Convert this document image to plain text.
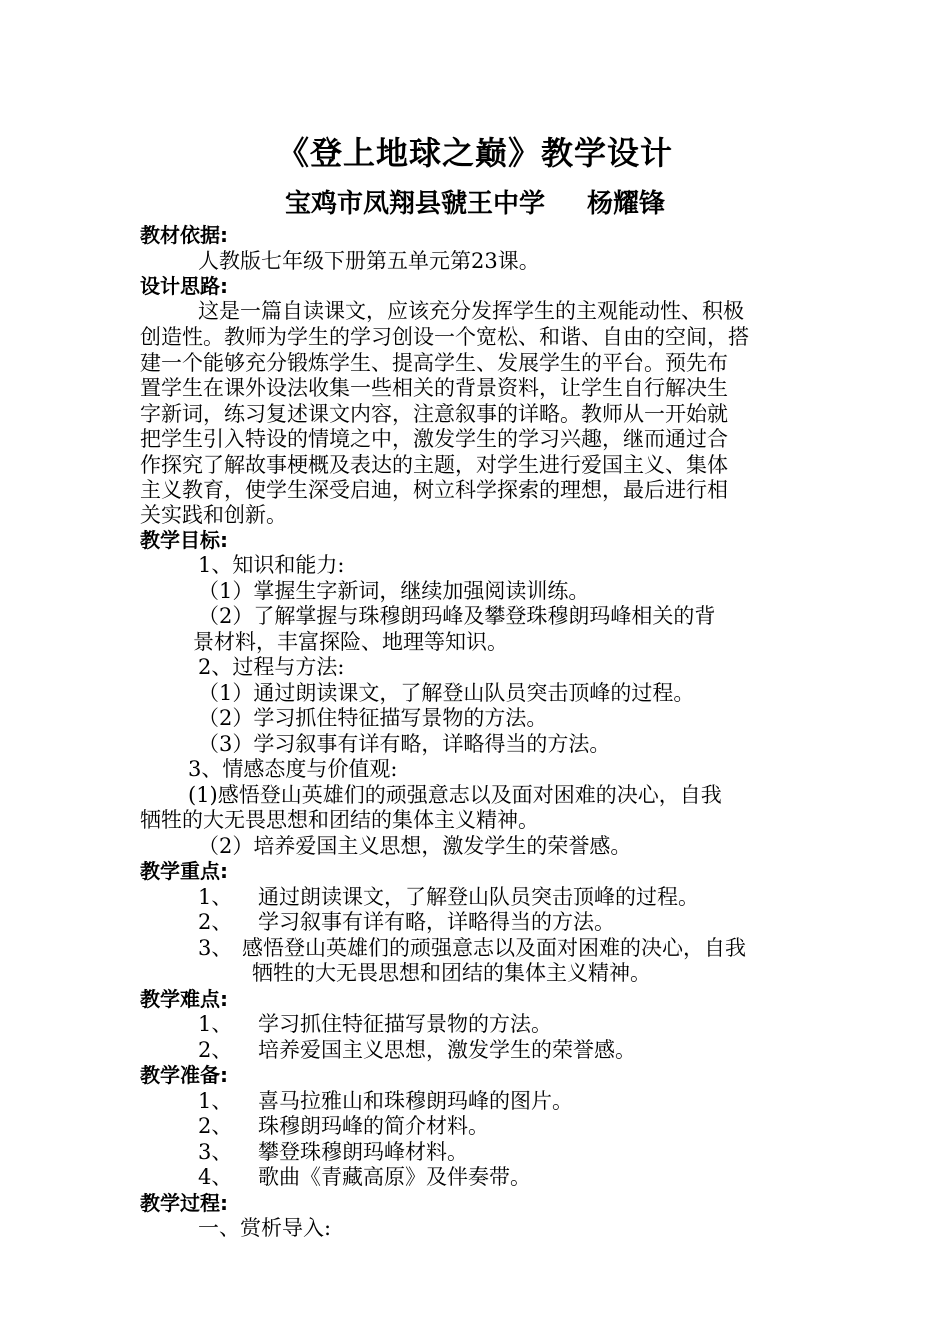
《登上地球之巅》教学设计
宝鸡市凤翔县虢王中学 杨耀锋
教材依据:
人教版七年级下册第五单元第23课。
设计思路:
这是一篇自读课文，应该充分发挥学生的主观能动性、积极
创造性。教师为学生的学习创设一个宽松、和谐、自由的空间，搭
建一个能够充分锻炼学生、提高学生、发展学生的平台。预先布
置学生在课外设法收集一些相关的背景资料，让学生自行解决生
字新词，练习复述课文内容，注意叙事的详略。教师从一开始就
把学生引入特设的情境之中，激发学生的学习兴趣，继而通过合
作探究了解故事梗概及表达的主题，对学生进行爱国主义、集体
主义教育，使学生深受启迪，树立科学探索的理想，最后进行相
关实践和创新。
教学目标:
1、知识和能力:
（1）掌握生字新词，继续加强阅读训练。
（2）了解掌握与珠穆朗玛峰及攀登珠穆朗玛峰相关的背
景材料，丰富探险、地理等知识。
2、过程与方法:
（1）通过朗读课文，了解登山队员突击顶峰的过程。
（2）学习抓住特征描写景物的方法。
（3）学习叙事有详有略，详略得当的方法。
3、情感态度与价值观:
(1)感悟登山英雄们的顽强意志以及面对困难的决心，自我
牺牲的大无畏思想和团结的集体主义精神。
（2）培养爱国主义思想，激发学生的荣誉感。
教学重点:
1、 通过朗读课文，了解登山队员突击顶峰的过程。
2、 学习叙事有详有略，详略得当的方法。
3、 感悟登山英雄们的顽强意志以及面对困难的决心，自我
牺牲的大无畏思想和团结的集体主义精神。
教学难点:
1、 学习抓住特征描写景物的方法。
2、 培养爱国主义思想，激发学生的荣誉感。
教学准备:
1、 喜马拉雅山和珠穆朗玛峰的图片。
2、 珠穆朗玛峰的简介材料。
3、 攀登珠穆朗玛峰材料。
4、 歌曲《青藏高原》及伴奏带。
教学过程:
一、赏析导入:
